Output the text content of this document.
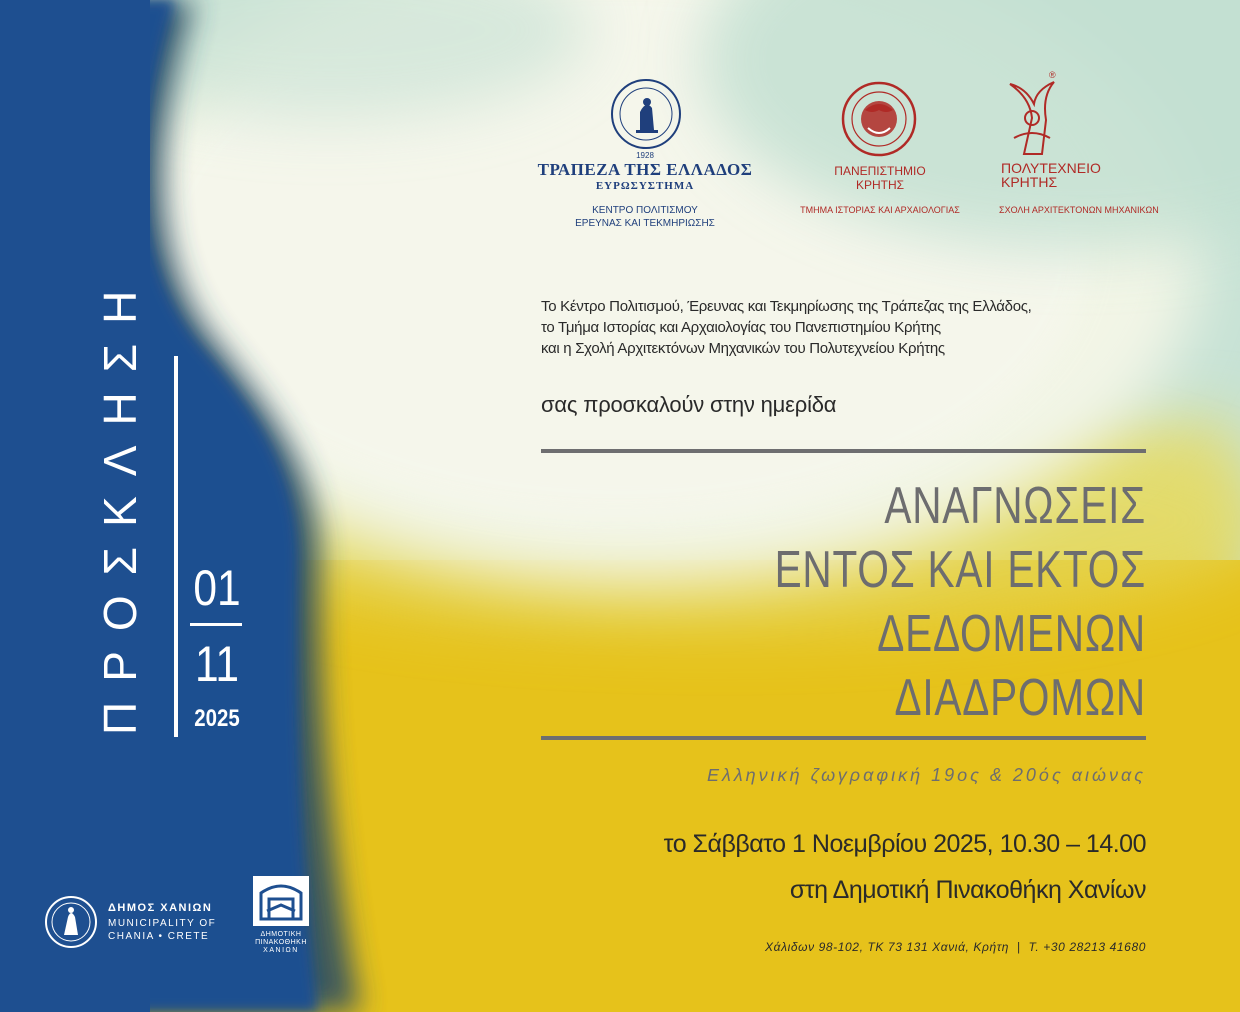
1928
ΤΡΑΠΕΖΑ ΤΗΣ ΕΛΛΑΔΟΣ
ΕΥΡΩΣΥΣΤΗΜΑ
ΚΕΝΤΡΟ ΠΟΛΙΤΙΣΜΟΥ
ΕΡΕΥΝΑΣ ΚΑΙ ΤΕΚΜΗΡΙΩΣΗΣ
ΠΑΝΕΠΙΣΤΗΜΙΟ
ΚΡΗΤΗΣ
ΤΜΗΜΑ ΙΣΤΟΡΙΑΣ ΚΑΙ ΑΡΧΑΙΟΛΟΓΙΑΣ
®
ΠΟΛΥΤΕΧΝΕΙΟ
ΚΡΗΤΗΣ
ΣΧΟΛΗ ΑΡΧΙΤΕΚΤΟΝΩΝ ΜΗΧΑΝΙΚΩΝ
Το Κέντρο Πολιτισμού, Έρευνας και Τεκμηρίωσης της Τράπεζας της Ελλάδος,
το Τμήμα Ιστορίας και Αρχαιολογίας του Πανεπιστημίου Κρήτης
και η Σχολή Αρχιτεκτόνων Μηχανικών του Πολυτεχνείου Κρήτης
σας προσκαλούν στην ημερίδα
ΑΝΑΓΝΩΣΕΙΣ
ΕΝΤΟΣ ΚΑΙ ΕΚΤΟΣ
ΔΕΔΟΜΕΝΩΝ
ΔΙΑΔΡΟΜΩΝ
Ελληνική ζωγραφική 19ος & 20ός αιώνας
το Σάββατο 1 Νοεμβρίου 2025, 10.30 – 14.00
στη Δημοτική Πινακοθήκη Χανίων
Χάλιδων 98-102, ΤΚ 73 131 Χανιά, Κρήτη  |  Τ. +30 28213 41680
ΠΡΟΣΚΛΗΣΗ 01
11
2025
ΔΗΜΟΣ ΧΑΝΙΩΝ
MUNICIPALITY OF
CHANIA • CRETE	ΔΗΜΟΤΙΚΗ
ΠΙΝΑΚΟΘΗΚΗ
ΧΑΝΙΩΝ
